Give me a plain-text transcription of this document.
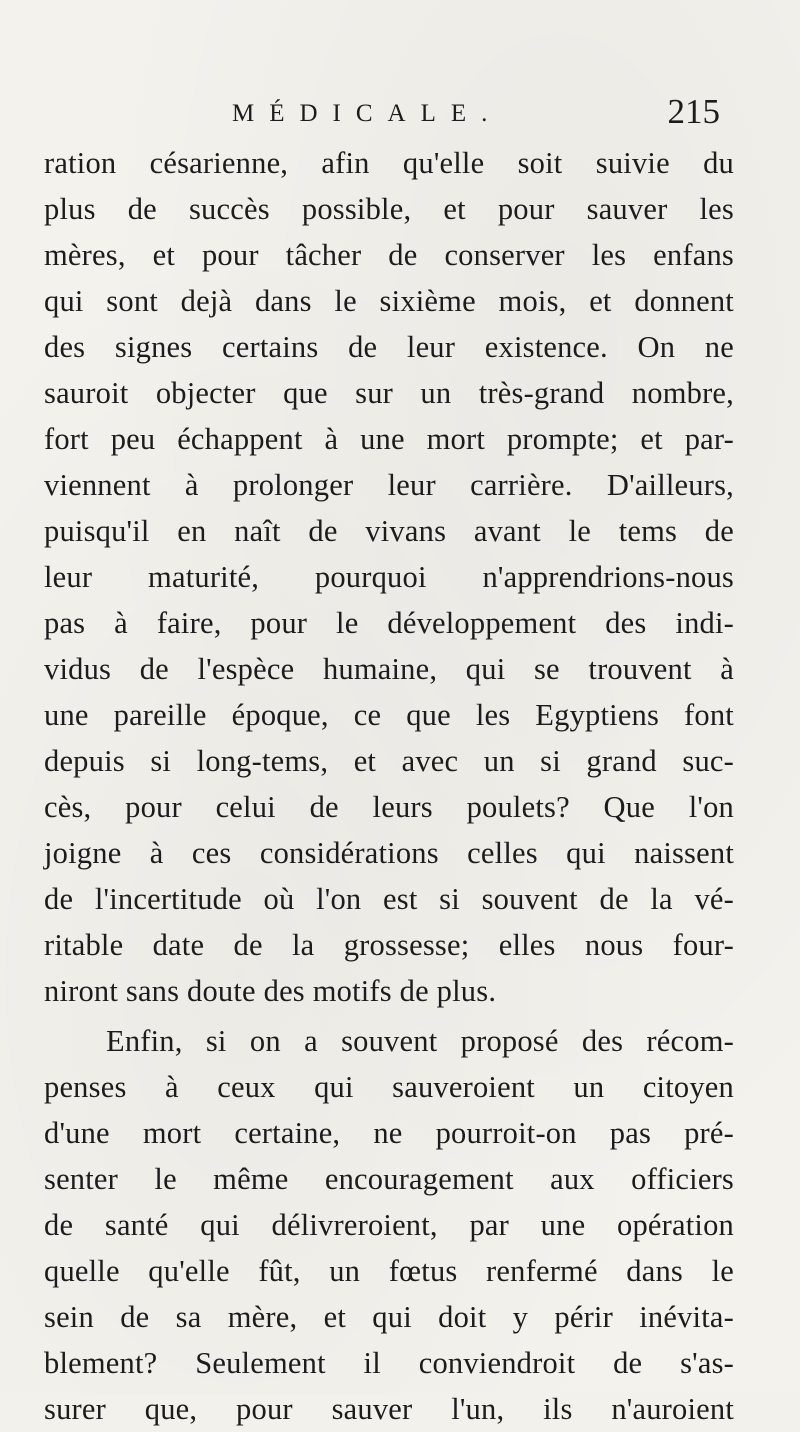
MÉDICALE.	215
ration césarienne, afin qu'elle soit suivie du
plus de succès possible, et pour sauver les
mères, et pour tâcher de conserver les enfans
qui sont dejà dans le sixième mois, et donnent
des signes certains de leur existence. On ne
sauroit objecter que sur un très-grand nombre,
fort peu échappent à une mort prompte; et par-
viennent à prolonger leur carrière. D'ailleurs,
puisqu'il en naît de vivans avant le tems de
leur maturité, pourquoi n'apprendrions-nous
pas à faire, pour le développement des indi-
vidus de l'espèce humaine, qui se trouvent à
une pareille époque, ce que les Egyptiens font
depuis si long-tems, et avec un si grand suc-
cès, pour celui de leurs poulets? Que l'on
joigne à ces considérations celles qui naissent
de l'incertitude où l'on est si souvent de la vé-
ritable date de la grossesse; elles nous four-
niront sans doute des motifs de plus.
Enfin, si on a souvent proposé des récom-
penses à ceux qui sauveroient un citoyen
d'une mort certaine, ne pourroit-on pas pré-
senter le même encouragement aux officiers
de santé qui délivreroient, par une opération
quelle qu'elle fût, un fœtus renfermé dans le
sein de sa mère, et qui doit y périr inévita-
blement? Seulement il conviendroit de s'as-
surer que, pour sauver l'un, ils n'auroient
